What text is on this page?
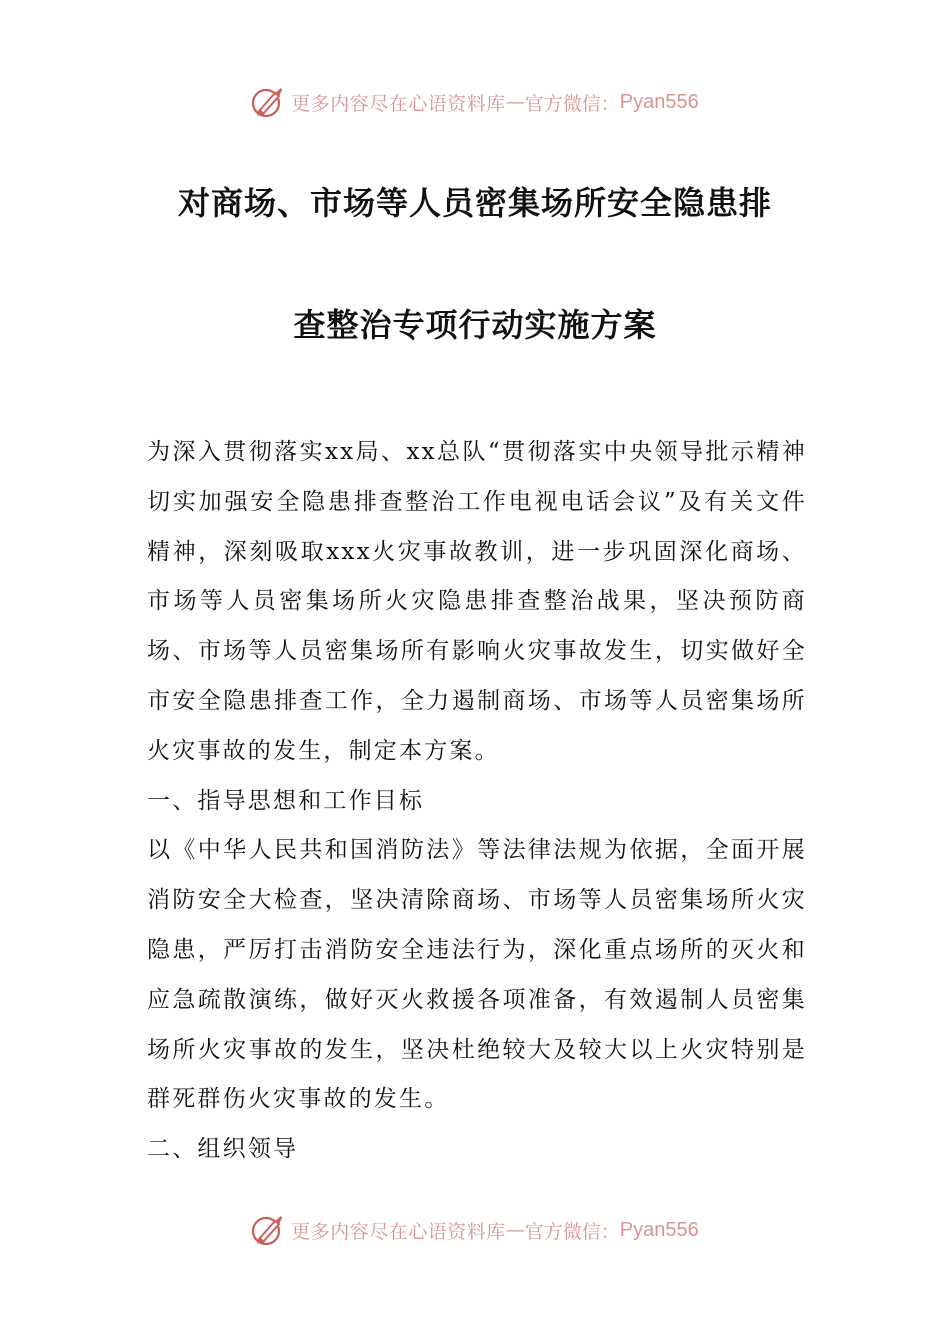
更多内容尽在心语资料库 — 官方微信： Pyan556
对商场、市场等人员密集场所安全隐患排
查整治专项行动实施方案

为深入贯彻落实xx局、xx总队“贯彻落实中央领导批示精神切实加强安全隐患排查整治工作电视电话会议”及有关文件精神，深刻吸取xxx火灾事故教训，进一步巩固深化商场、市场等人员密集场所火灾隐患排查整治战果，坚决预防商场、市场等人员密集场所有影响火灾事故发生，切实做好全市安全隐患排查工作，全力遏制商场、市场等人员密集场所火灾事故的发生，制定本方案。

一、指导思想和工作目标

以《中华人民共和国消防法》等法律法规为依据，全面开展消防安全大检查，坚决清除商场、市场等人员密集场所火灾隐患，严厉打击消防安全违法行为，深化重点场所的灭火和应急疏散演练，做好灭火救援各项准备，有效遏制人员密集场所火灾事故的发生，坚决杜绝较大及较大以上火灾特别是群死群伤火灾事故的发生。

二、组织领导

更多内容尽在心语资料库 — 官方微信： Pyan556
